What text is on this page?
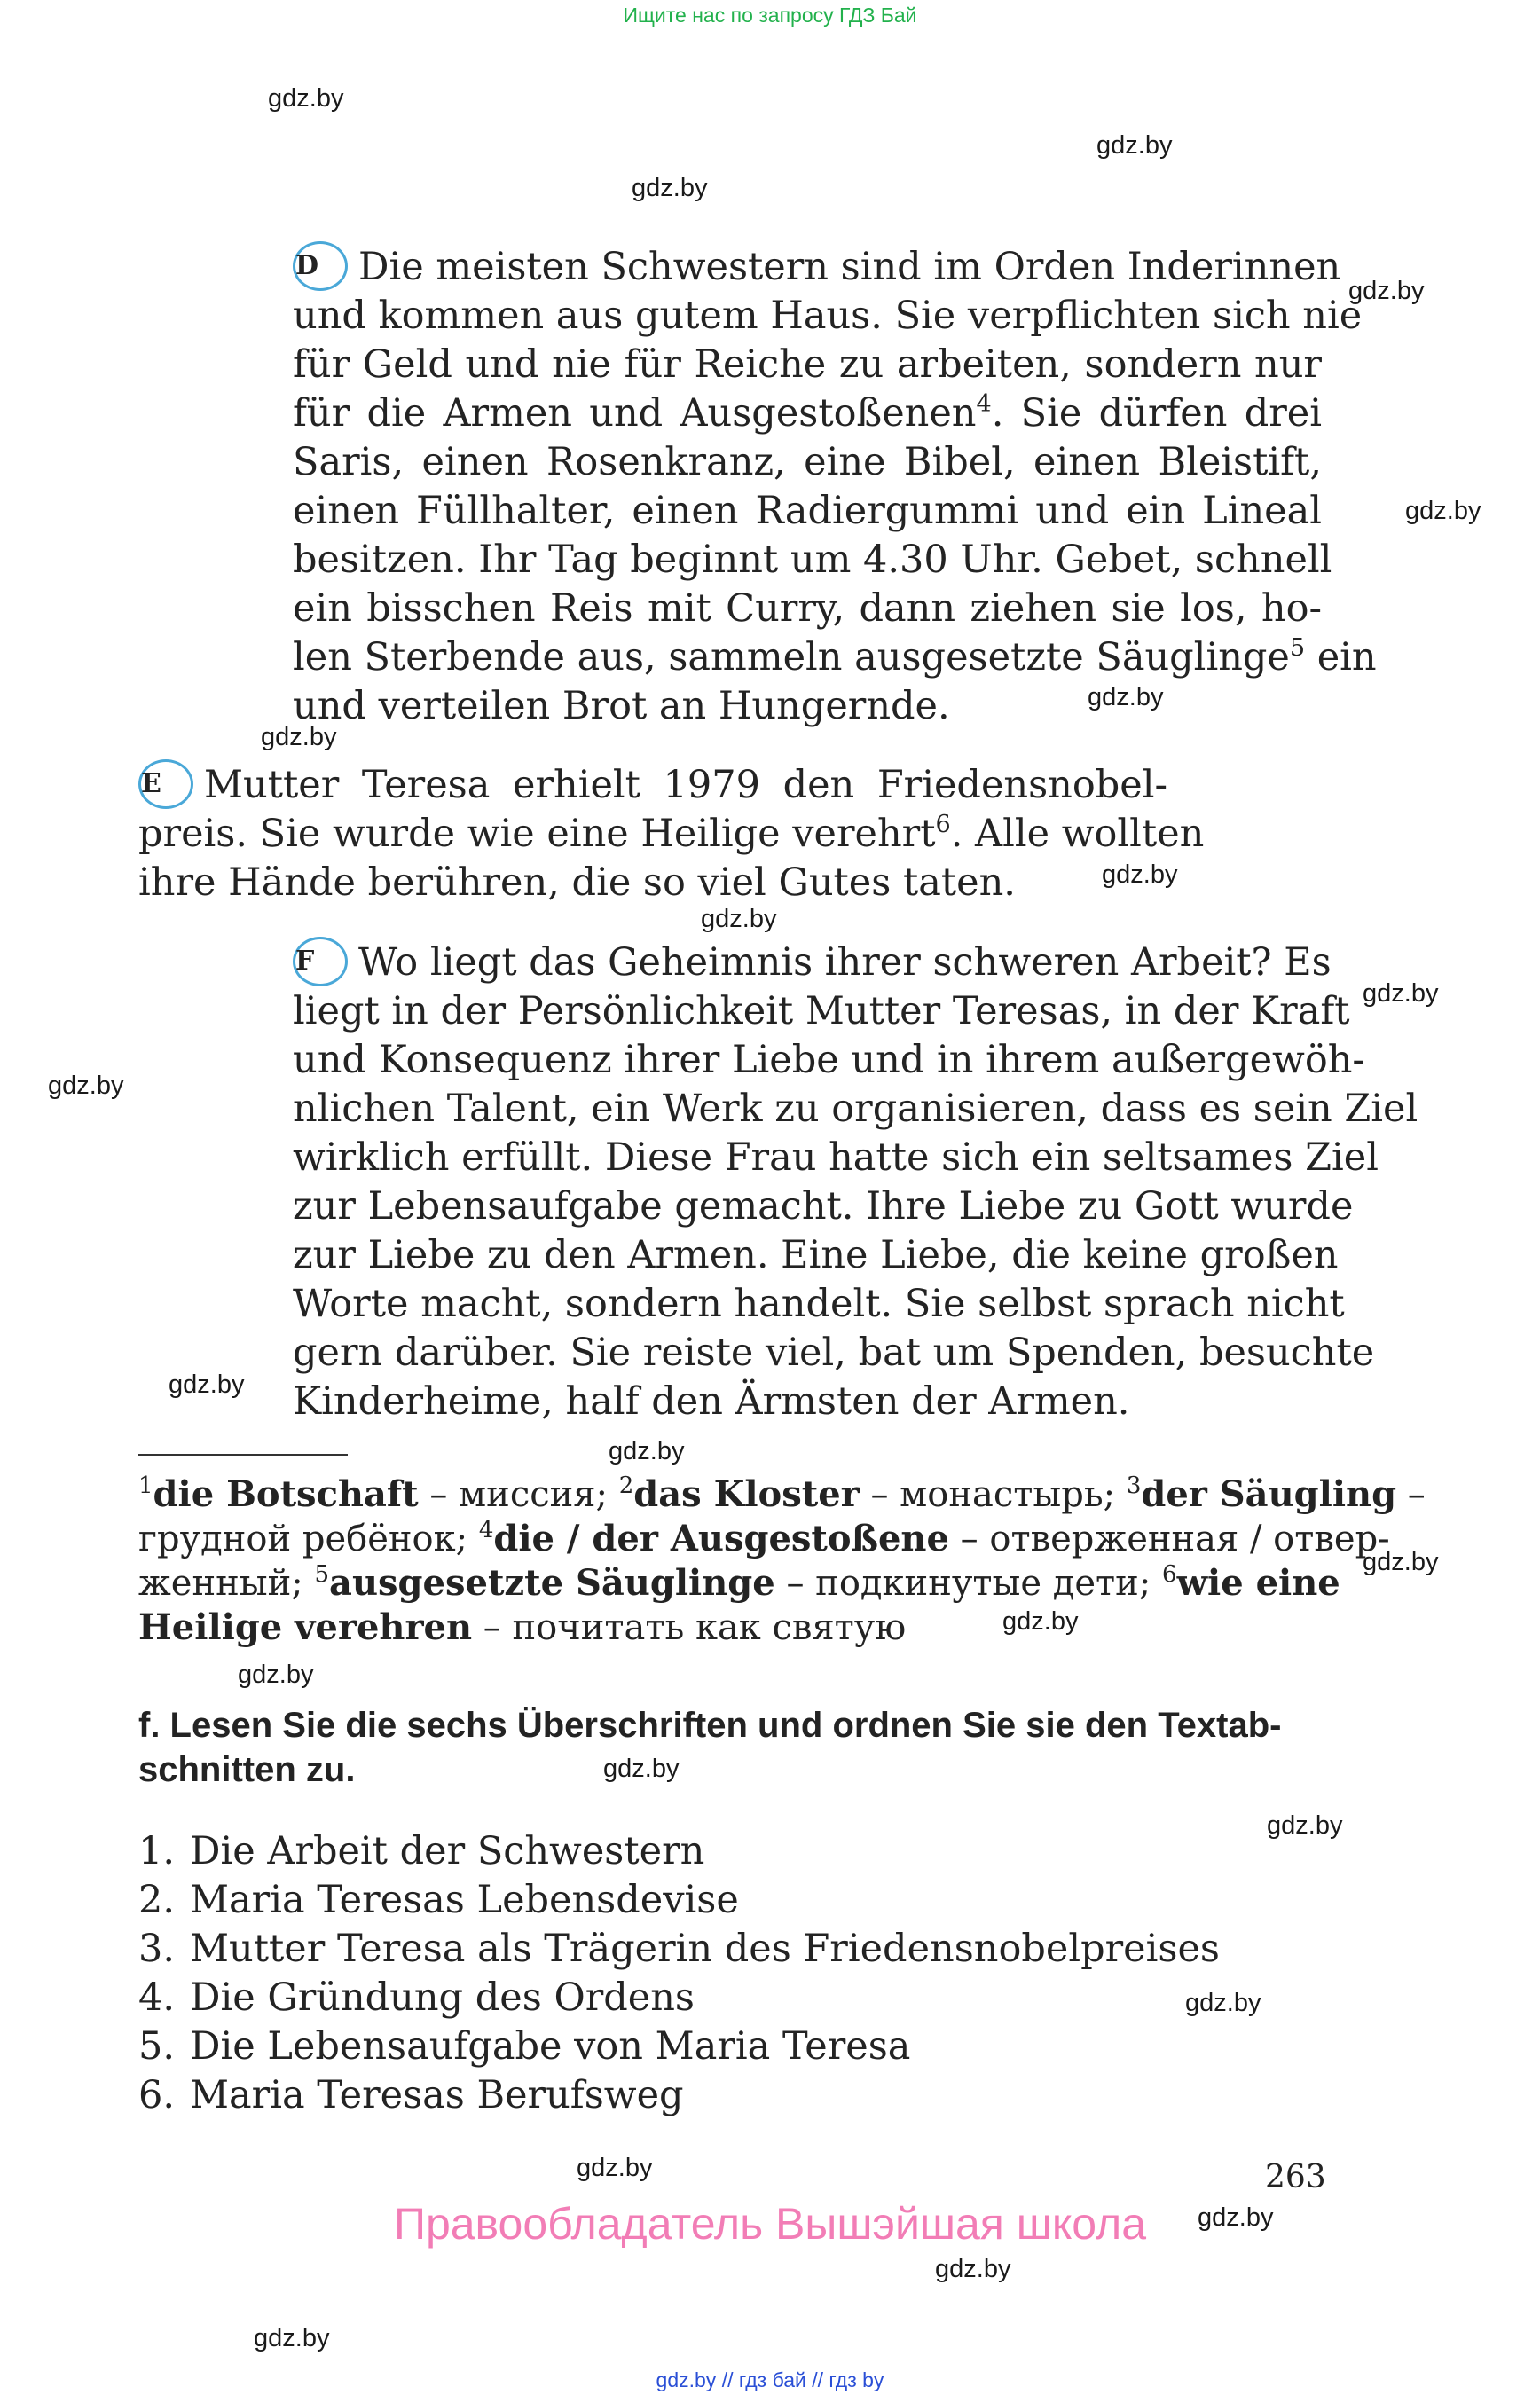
Ищите нас по запросу ГДЗ Бай
gdz.by
gdz.by
gdz.by
gdz.by
gdz.by
gdz.by
gdz.by
gdz.by
gdz.by
gdz.by
gdz.by
gdz.by
gdz.by
gdz.by
gdz.by
gdz.by
gdz.by
gdz.by
gdz.by
gdz.by
gdz.by
gdz.by
gdz.by
D Die meisten Schwestern sind im Orden Inderinnen
und kommen aus gutem Haus. Sie verpflichten sich nie
für Geld und nie für Reiche zu arbeiten, sondern nur
für die Armen und Ausgestoßenen$^4$. Sie dürfen drei
Saris, einen Rosenkranz, eine Bibel, einen Bleistift,
einen Füllhalter, einen Radiergummi und ein Lineal
besitzen. Ihr Tag beginnt um 4.30 Uhr. Gebet, schnell
ein bisschen Reis mit Curry, dann ziehen sie los, ho-
len Sterbende aus, sammeln ausgesetzte Säuglinge$^5$ ein
und verteilen Brot an Hungernde.
E Mutter Teresa erhielt 1979 den Friedensnobel-
preis. Sie wurde wie eine Heilige verehrt$^6$. Alle wollten
ihre Hände berühren, die so viel Gutes taten.
F Wo liegt das Geheimnis ihrer schweren Arbeit? Es
liegt in der Persönlichkeit Mutter Teresas, in der Kraft
und Konsequenz ihrer Liebe und in ihrem außergewöh-
nlichen Talent, ein Werk zu organisieren, dass es sein Ziel
wirklich erfüllt. Diese Frau hatte sich ein seltsames Ziel
zur Lebensaufgabe gemacht. Ihre Liebe zu Gott wurde
zur Liebe zu den Armen. Eine Liebe, die keine großen
Worte macht, sondern handelt. Sie selbst sprach nicht
gern darüber. Sie reiste viel, bat um Spenden, besuchte
Kinderheime, half den Ärmsten der Armen.
$^1$die Botschaft – миссия; $^2$das Kloster – монастырь; $^3$der Säugling –
грудной ребёнок; $^4$die / der Ausgestoßene – отверженная / отвер-
женный; $^5$ausgesetzte Säuglinge – подкинутые дети; $^6$wie eine
Heilige verehren – почитать как святую
f. Lesen Sie die sechs Überschriften und ordnen Sie sie den Textab-
schnitten zu.
1. Die Arbeit der Schwestern
2. Maria Teresas Lebensdevise
3. Mutter Teresa als Trägerin des Friedensnobelpreises
4. Die Gründung des Ordens
5. Die Lebensaufgabe von Maria Teresa
6. Maria Teresas Berufsweg
263
Правообладатель Вышэйшая школа
gdz.by // гдз бай // гдз by
